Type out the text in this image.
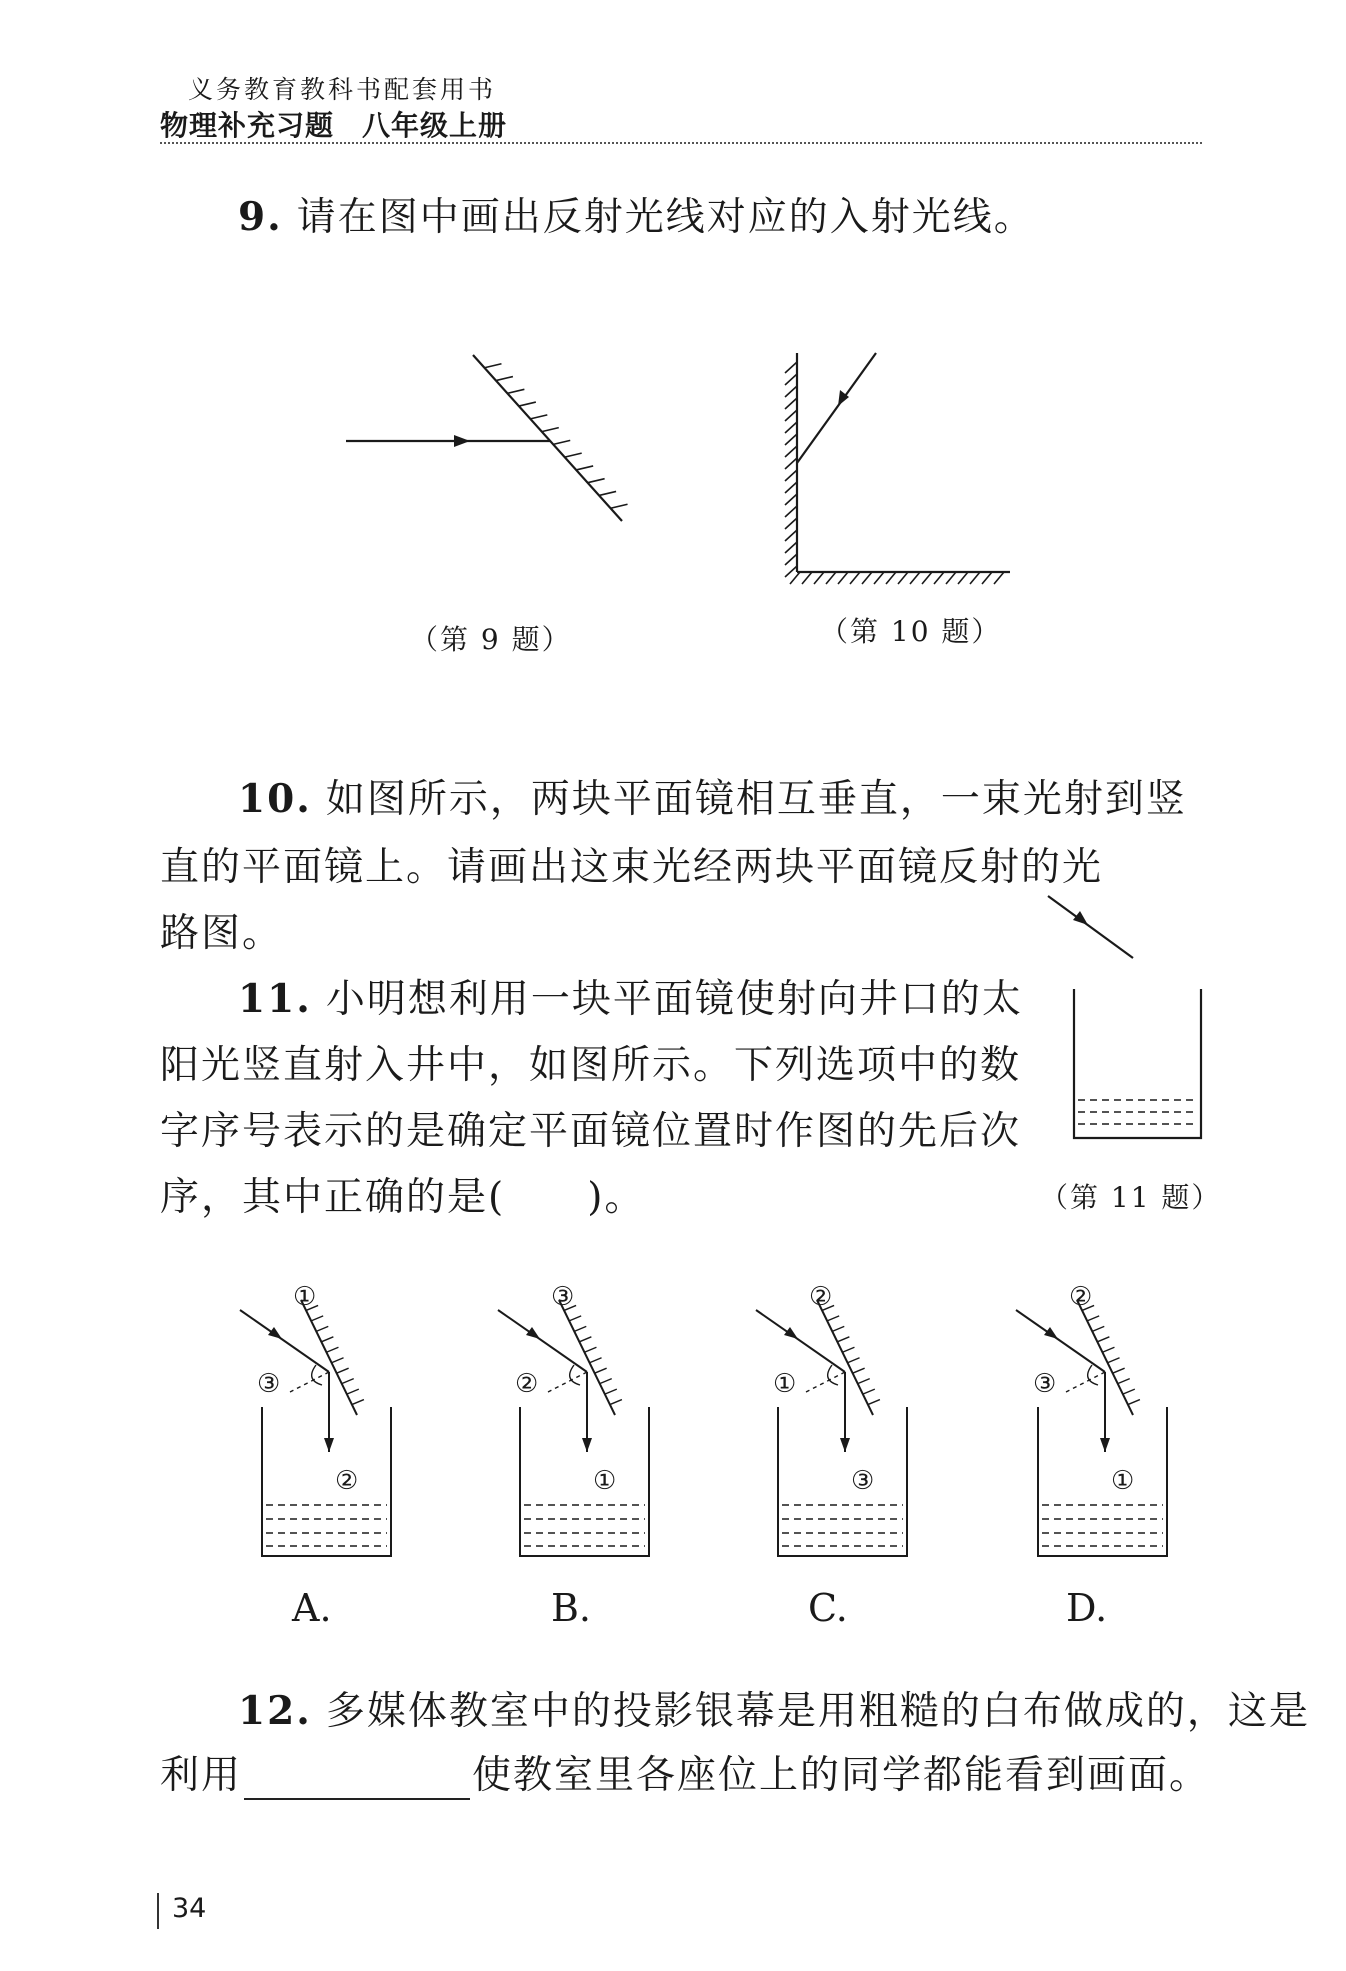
义务教育教科书配套用书
物理补充习题 八年级上册
9. 请在图中画出反射光线对应的入射光线。
①
③
②
③
②
①
②
①
③
②
③
①
（第 9 题）	（第 10 题）
10. 如图所示，两块平面镜相互垂直，一束光射到竖
直的平面镜上。请画出这束光经两块平面镜反射的光
路图。
11. 小明想利用一块平面镜使射向井口的太
阳光竖直射入井中，如图所示。下列选项中的数
字序号表示的是确定平面镜位置时作图的先后次
序，其中正确的是(　　)。	（第 11 题）
A.	B.	C.	D.
12. 多媒体教室中的投影银幕是用粗糙的白布做成的，这是
利用	使教室里各座位上的同学都能看到画面。
34
